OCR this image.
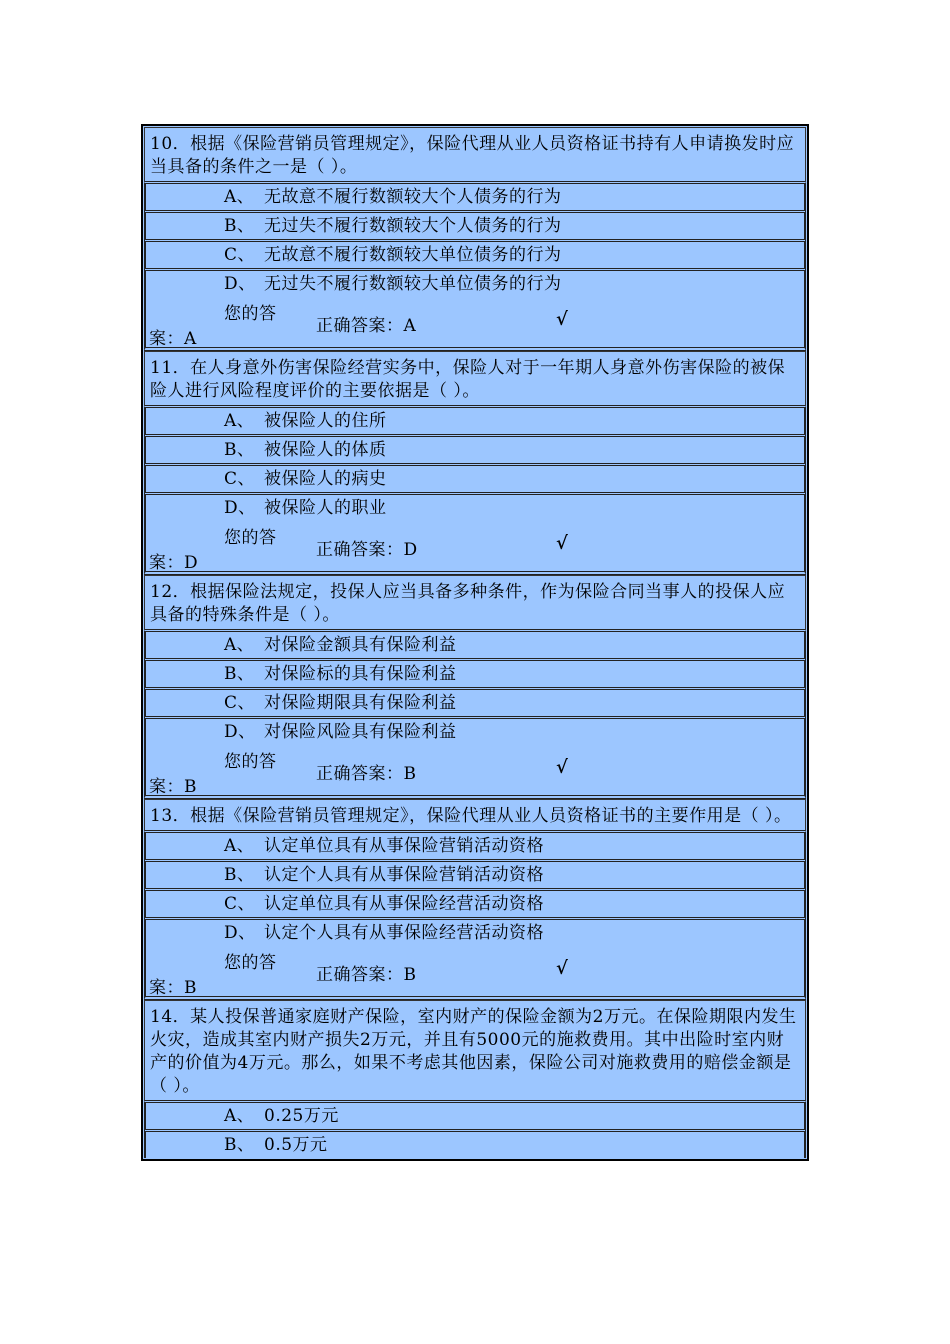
10．根据《保险营销员管理规定》，保险代理从业人员资格证书持有人申请换发时应当具备的条件之一是（ ）。
A、 无故意不履行数额较大个人债务的行为
B、 无过失不履行数额较大个人债务的行为
C、 无故意不履行数额较大单位债务的行为
D、 无过失不履行数额较大单位债务的行为
您的答
案：A
正确答案：A	√
11．在人身意外伤害保险经营实务中，保险人对于一年期人身意外伤害保险的被保险人进行风险程度评价的主要依据是（ ）。
A、 被保险人的住所
B、 被保险人的体质
C、 被保险人的病史
D、 被保险人的职业
您的答
案：D
正确答案：D	√
12．根据保险法规定，投保人应当具备多种条件，作为保险合同当事人的投保人应具备的特殊条件是（ ）。
A、 对保险金额具有保险利益
B、 对保险标的具有保险利益
C、 对保险期限具有保险利益
D、 对保险风险具有保险利益
您的答
案：B
正确答案：B	√
13．根据《保险营销员管理规定》，保险代理从业人员资格证书的主要作用是（ ）。
A、 认定单位具有从事保险营销活动资格
B、 认定个人具有从事保险营销活动资格
C、 认定单位具有从事保险经营活动资格
D、 认定个人具有从事保险经营活动资格
您的答
案：B
正确答案：B	√
14．某人投保普通家庭财产保险，室内财产的保险金额为2万元。在保险期限内发生火灾，造成其室内财产损失2万元，并且有5000元的施救费用。其中出险时室内财产的价值为4万元。那么，如果不考虑其他因素，保险公司对施救费用的赔偿金额是（ ）。
A、 0.25万元
B、 0.5万元
